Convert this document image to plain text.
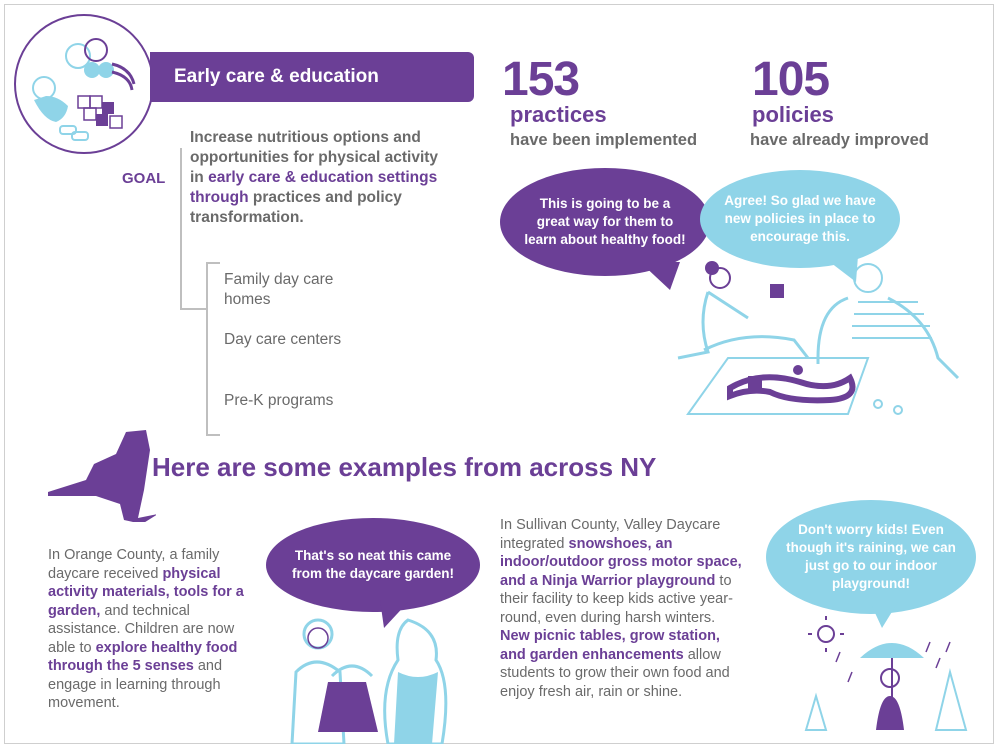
Early care & education
GOAL
Increase nutritious options and opportunities for physical activity in early care & education settings through practices and policy transformation.
Family day care homes
Day care centers
Pre-K programs
153
practices
have been implemented
105
policies
have already improved
This is going to be a great way for them to learn about healthy food!
Agree! So glad we have new policies in place to encourage this.
Here are some examples from across NY
In Orange County, a family daycare received physical activity materials, tools for a garden, and technical assistance. Children are now able to explore healthy food through the 5 senses and engage in learning through movement.
That's so neat this came from the daycare garden!
In Sullivan County, Valley Daycare integrated snowshoes, an indoor/outdoor gross motor space, and a Ninja Warrior playground to their facility to keep kids active year-round, even during harsh winters. New picnic tables, grow station, and garden enhancements allow students to grow their own food and enjoy fresh air, rain or shine.
Don't worry kids! Even though it's raining, we can just go to our indoor playground!
